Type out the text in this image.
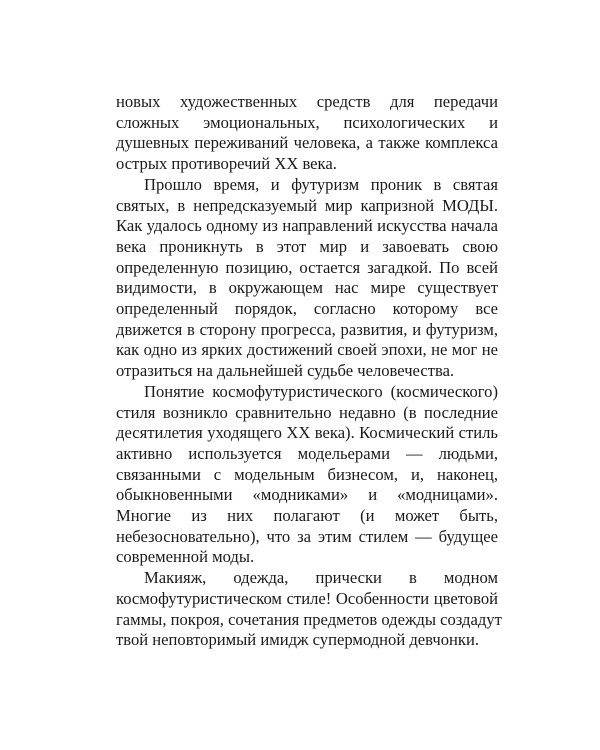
новых художественных средств для передачи
сложных эмоциональных, психологических и
душевных переживаний человека, а также комплекса
острых противоречий XX века.

Прошло время, и футуризм проник в святая
святых, в непредсказуемый мир капризной МОДЫ.
Как удалось одному из направлений искусства начала
века проникнуть в этот мир и завоевать свою
определенную позицию, остается загадкой. По всей
видимости, в окружающем нас мире существует
определенный порядок, согласно которому все
движется в сторону прогресса, развития, и футуризм,
как одно из ярких достижений своей эпохи, не мог не
отразиться на дальнейшей судьбе человечества.

Понятие космофутуристического (космического)
стиля возникло сравнительно недавно (в последние
десятилетия уходящего XX века). Космический стиль
активно используется модельерами — людьми,
связанными с модельным бизнесом, и, наконец,
обыкновенными «модниками» и «модницами».
Многие из них полагают (и может быть,
небезосновательно), что за этим стилем — будущее
современной моды.

Макияж, одежда, прически в модном
космофутуристическом стиле! Особенности цветовой
гаммы, покроя, сочетания предметов одежды создадут
твой неповторимый имидж супермодной девчонки.
